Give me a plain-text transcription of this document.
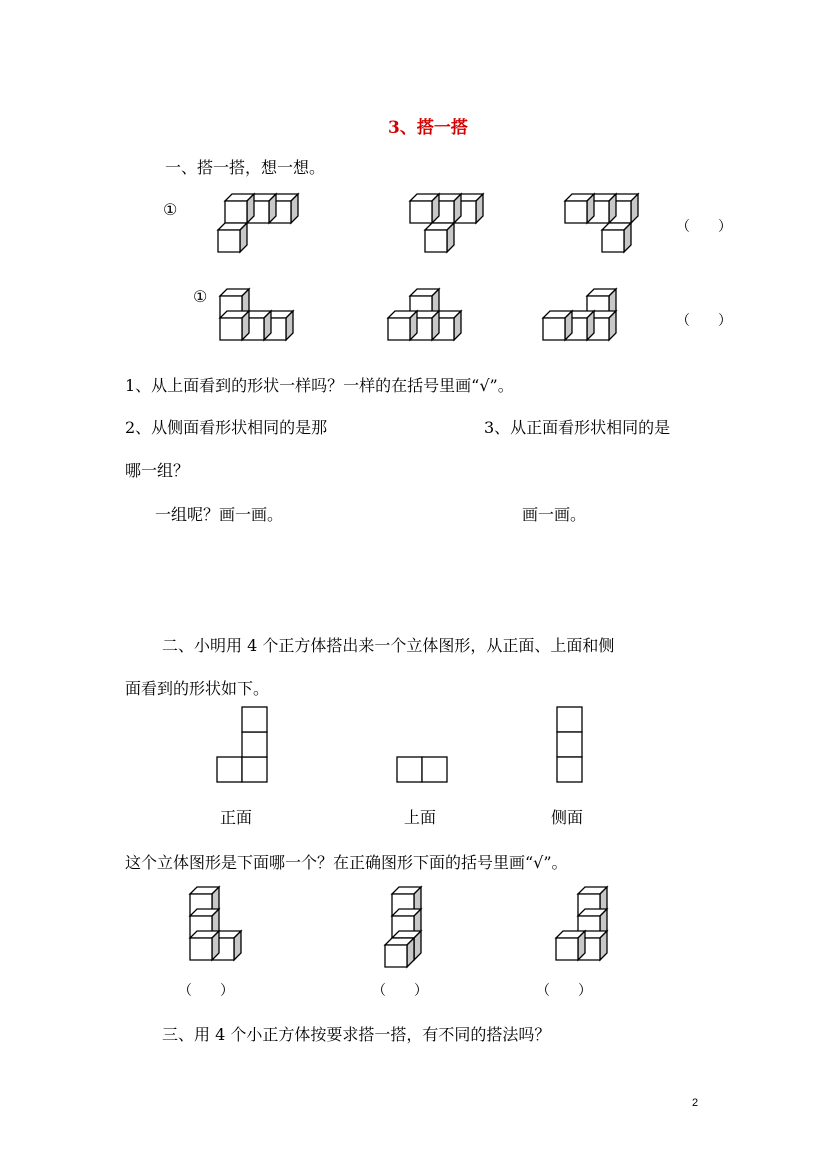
3、搭一搭
一、搭一搭，想一想。
①
（　　）
①
（　　）
1、从上面看到的形状一样吗？一样的在括号里画“√”。
2、从侧面看形状相同的是那
一组呢？画一画。
3、从正面看形状相同的是
哪一组？
画一画。
二、小明用 4 个正方体搭出来一个立体图形，从正面、上面和侧
面看到的形状如下。
正面	上面	侧面
这个立体图形是下面哪一个？在正确图形下面的括号里画“√”。
（　　）	（　　）	（　　）
三、用 4 个小正方体按要求搭一搭，有不同的搭法吗？
2
